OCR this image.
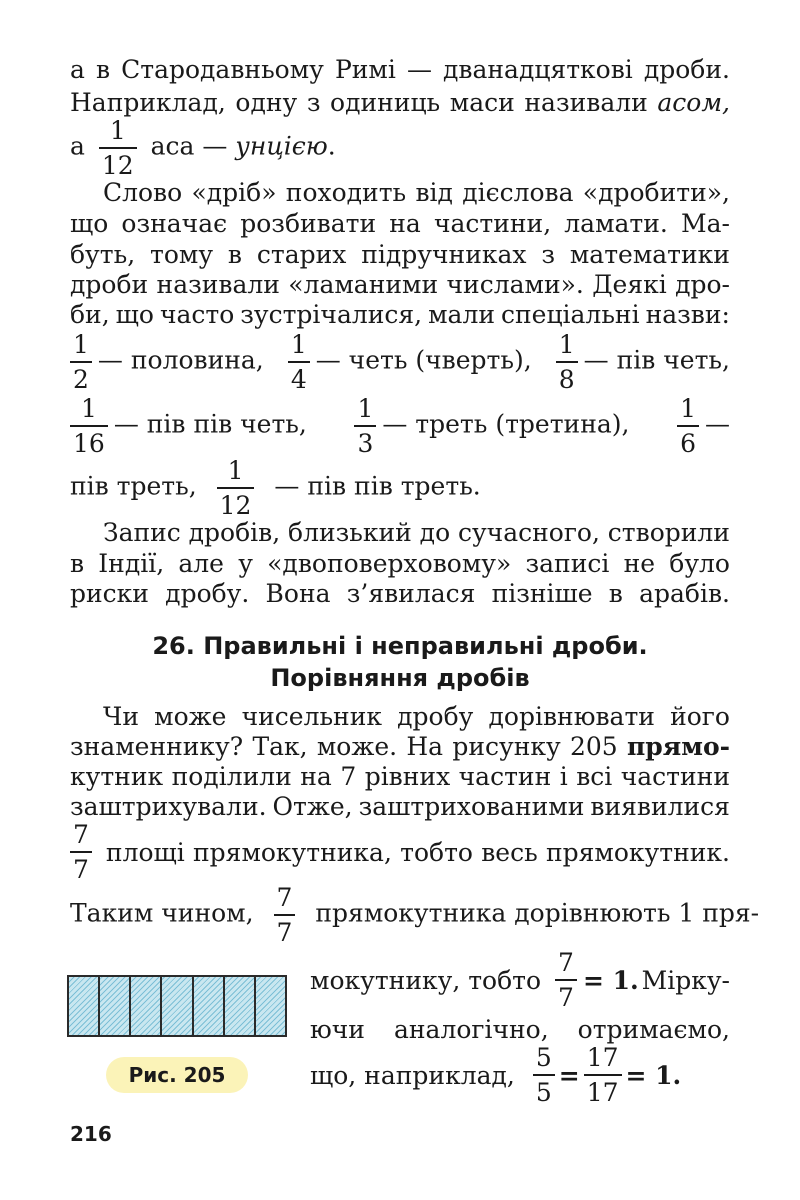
а в Стародавньому Римі — дванадцяткові дроби.
Наприклад, одну з одиниць маси називали асом,
а $\frac{1}{12}$ аса — унцією.
Слово «дріб» походить від дієслова «дробити»,
що означає розбивати на частини, ламати. Ма-
буть, тому в старих підручниках з математики
дроби називали «ламаними числами». Деякі дро-
би, що часто зустрічалися, мали спеціальні назви:
$\frac{1}{2}$ — половина, $\frac{1}{4}$ — четь (чверть), $\frac{1}{8}$ — пів четь,
$\frac{1}{16}$ — пів пів четь, $\frac{1}{3}$ — треть (третина), $\frac{1}{6}$ —
пів треть, $\frac{1}{12}$ — пів пів треть.
Запис дробів, близький до сучасного, створили
в Індії, але у «двоповерховому» записі не було
риски дробу. Вона з’явилася пізніше в арабів.
26. Правильні і неправильні дроби.
Порівняння дробів
Чи може чисельник дробу дорівнювати його
знаменнику? Так, може. На рисунку 205 прямо-
кутник поділили на 7 рівних частин і всі частини
заштрихували. Отже, заштрихованими виявилися
$\frac{7}{7}$ площі прямокутника, тобто весь прямокутник.
Таким чином, $\frac{7}{7}$ прямокутника дорівнюють 1 пря-
Рис. 205
мокутнику, тобто $\frac{7}{7} = 1$. Мірку-
ючи аналогічно, отримаємо,
що, наприклад, $\frac{5}{5} = \frac{17}{17} = 1$.
216
